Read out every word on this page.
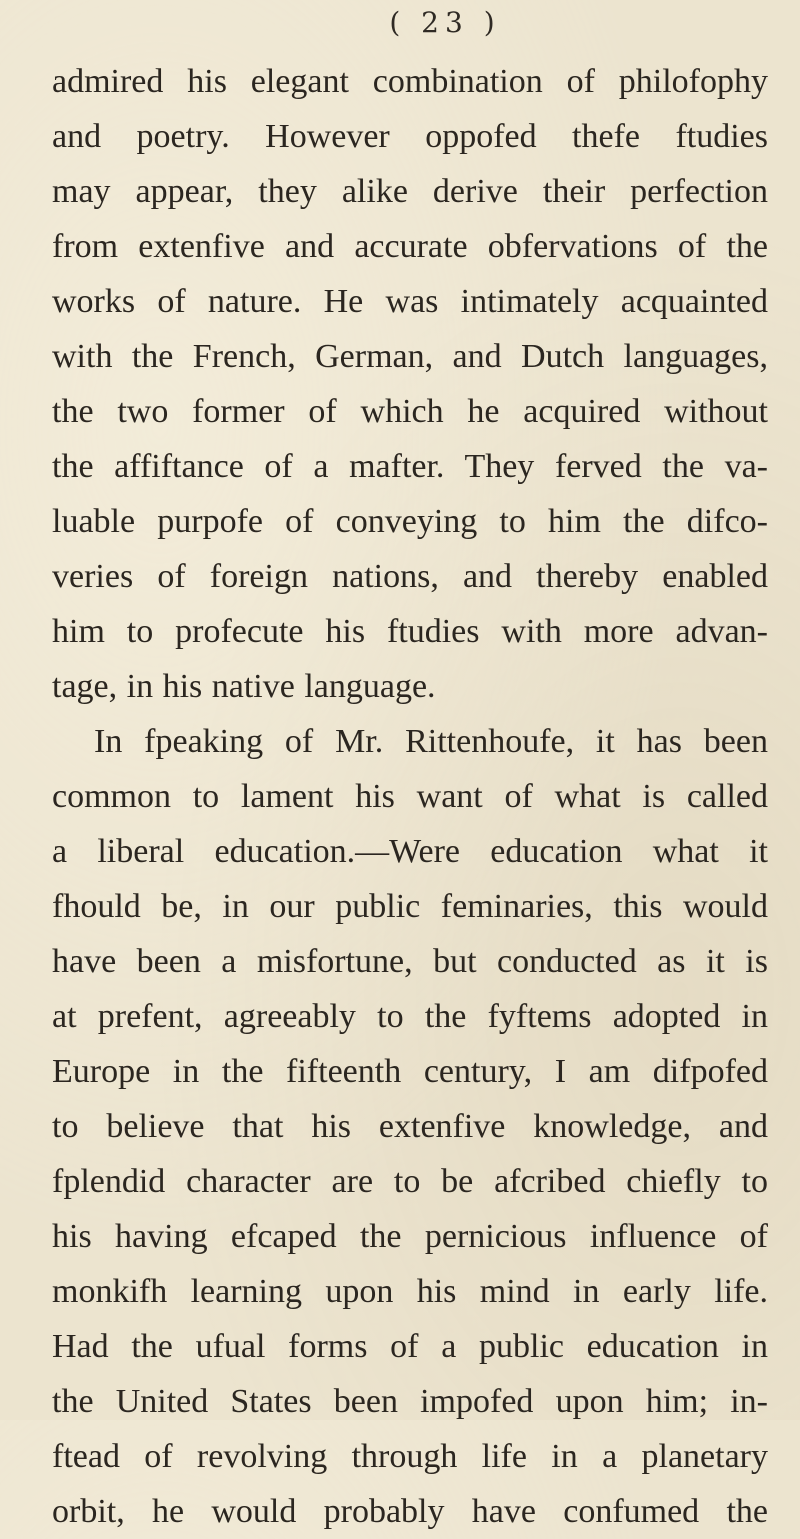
( 23 )
admired his elegant combination of philofophy
and poetry. However oppofed thefe ftudies
may appear, they alike derive their perfection
from extenfive and accurate obfervations of the
works of nature. He was intimately acquainted
with the French, German, and Dutch languages,
the two former of which he acquired without
the affiftance of a mafter. They ferved the va-
luable purpofe of conveying to him the difco-
veries of foreign nations, and thereby enabled
him to profecute his ftudies with more advan-
tage, in his native language.
In fpeaking of Mr. Rittenhoufe, it has been
common to lament his want of what is called
a liberal education.—Were education what it
fhould be, in our public feminaries, this would
have been a misfortune, but conducted as it is
at prefent, agreeably to the fyftems adopted in
Europe in the fifteenth century, I am difpofed
to believe that his extenfive knowledge, and
fplendid character are to be afcribed chiefly to
his having efcaped the pernicious influence of
monkifh learning upon his mind in early life.
Had the ufual forms of a public education in
the United States been impofed upon him; in-
ftead of revolving through life in a planetary
orbit, he would probably have confumed the
